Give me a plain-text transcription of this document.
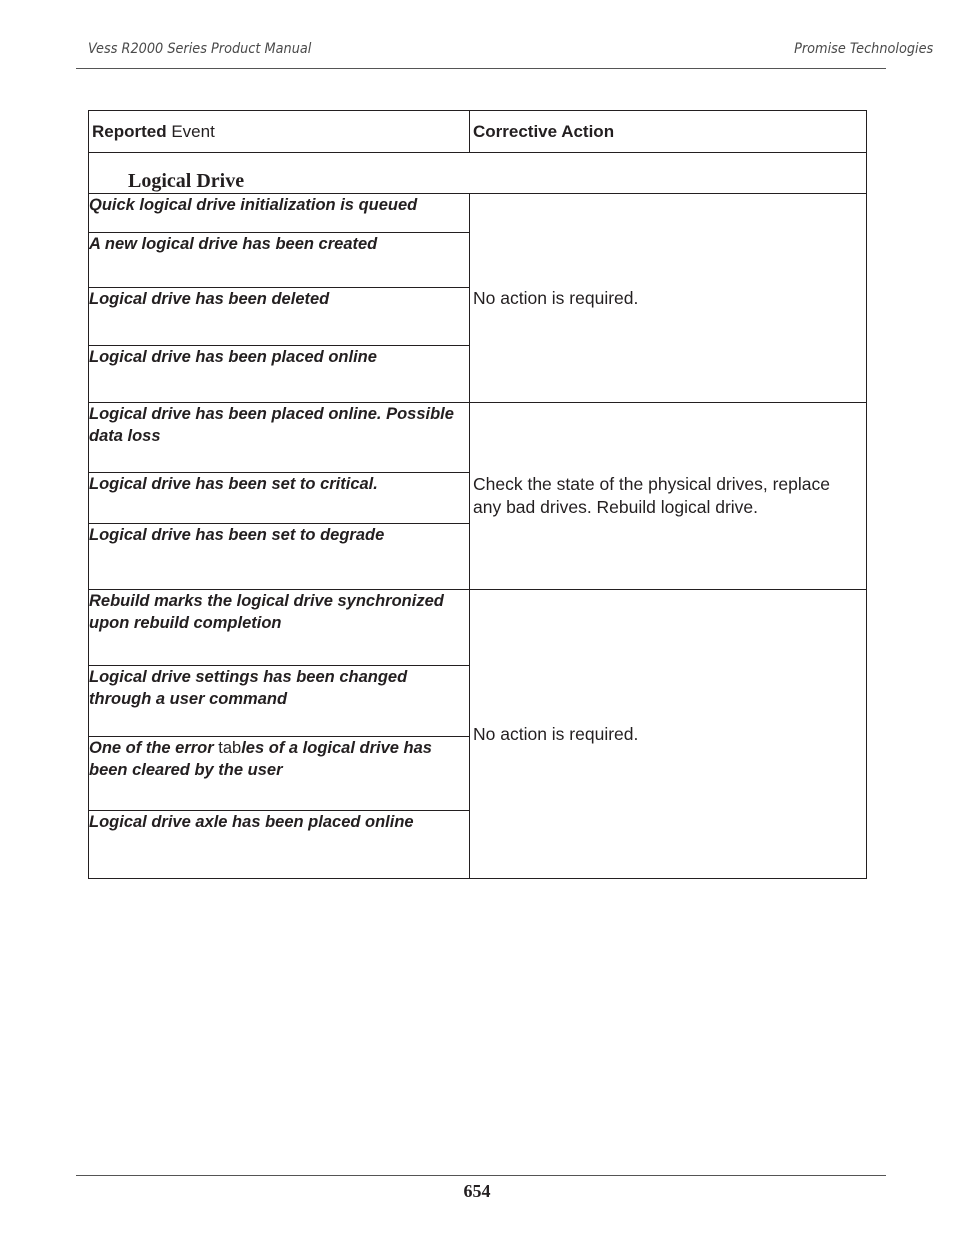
Vess R2000 Series Product Manual	Promise Technologies
Reported Event	Corrective Action

Logical Drive	

Quick logical drive initialization is queued	No action is required.
A new logical drive has been created	
Logical drive has been deleted	
Logical drive has been placed online	
Logical drive has been placed online. Possible data loss	Check the state of the physical drives, replace any bad drives. Rebuild logical drive.
Logical drive has been set to critical.	
Logical drive has been set to degrade	
Rebuild marks the logical drive synchronized upon rebuild completion	No action is required.
Logical drive settings has been changed through a user command	
One of the error tables of a logical drive has been cleared by the user	
Logical drive axle has been placed online	
654
